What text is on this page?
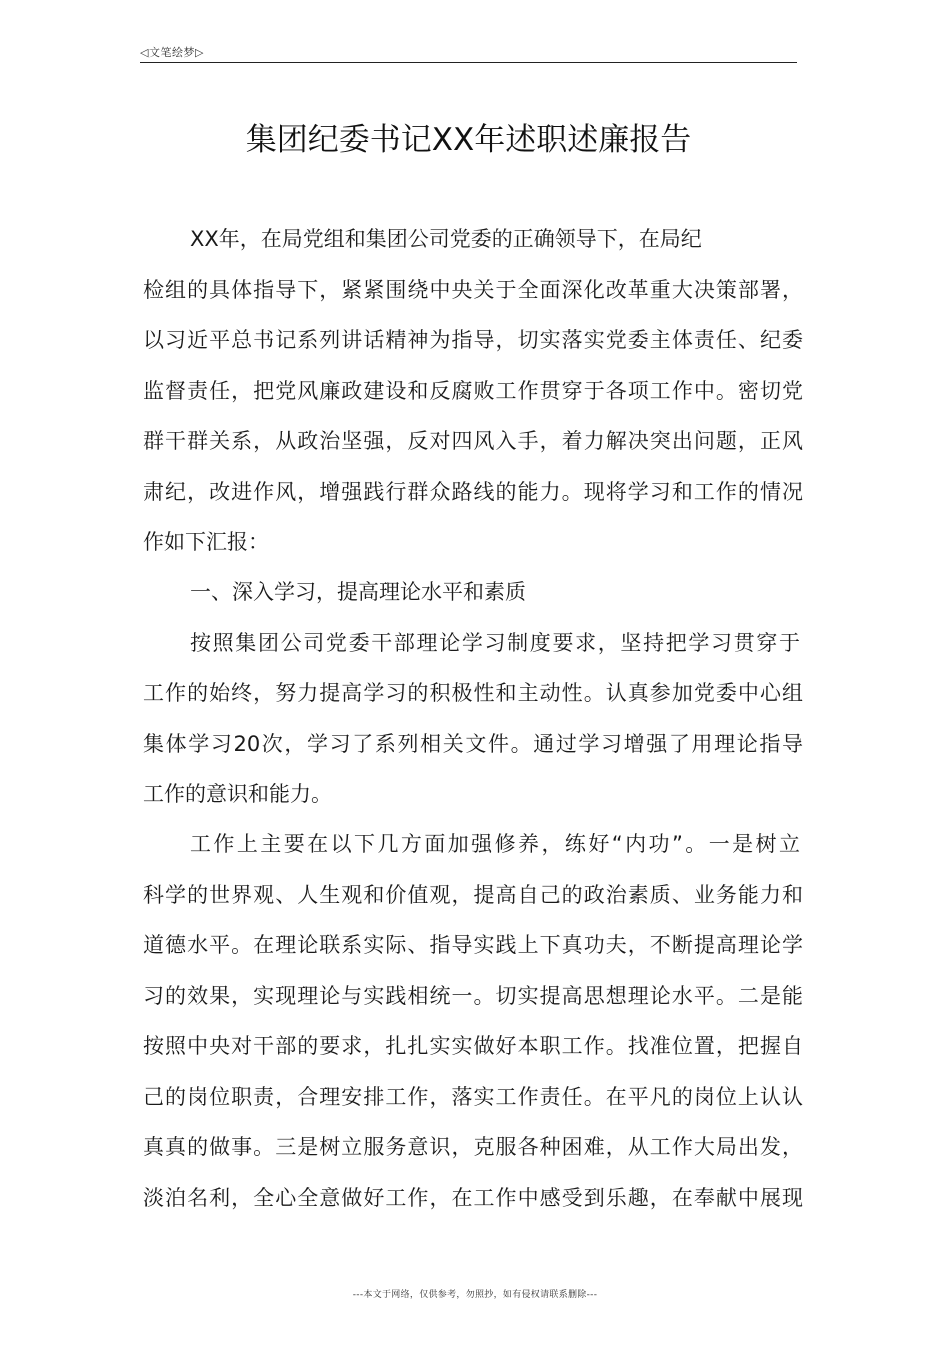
◁文笔绘梦▷
集团纪委书记XX年述职述廉报告
XX年，在局党组和集团公司党委的正确领导下，在局纪
检组的具体指导下，紧紧围绕中央关于全面深化改革重大决策部署，
以习近平总书记系列讲话精神为指导，切实落实党委主体责任、纪委
监督责任，把党风廉政建设和反腐败工作贯穿于各项工作中。密切党
群干群关系，从政治坚强，反对四风入手，着力解决突出问题，正风
肃纪，改进作风，增强践行群众路线的能力。现将学习和工作的情况
作如下汇报：
一、深入学习，提高理论水平和素质
按照集团公司党委干部理论学习制度要求，坚持把学习贯穿于
工作的始终，努力提高学习的积极性和主动性。认真参加党委中心组
集体学习20次，学习了系列相关文件。通过学习增强了用理论指导
工作的意识和能力。
工作上主要在以下几方面加强修养，练好“内功”。一是树立
科学的世界观、人生观和价值观，提高自己的政治素质、业务能力和
道德水平。在理论联系实际、指导实践上下真功夫，不断提高理论学
习的效果，实现理论与实践相统一。切实提高思想理论水平。二是能
按照中央对干部的要求，扎扎实实做好本职工作。找准位置，把握自
己的岗位职责，合理安排工作，落实工作责任。在平凡的岗位上认认
真真的做事。三是树立服务意识，克服各种困难，从工作大局出发，
淡泊名利，全心全意做好工作，在工作中感受到乐趣，在奉献中展现
---本文于网络，仅供参考，勿照抄，如有侵权请联系删除---
